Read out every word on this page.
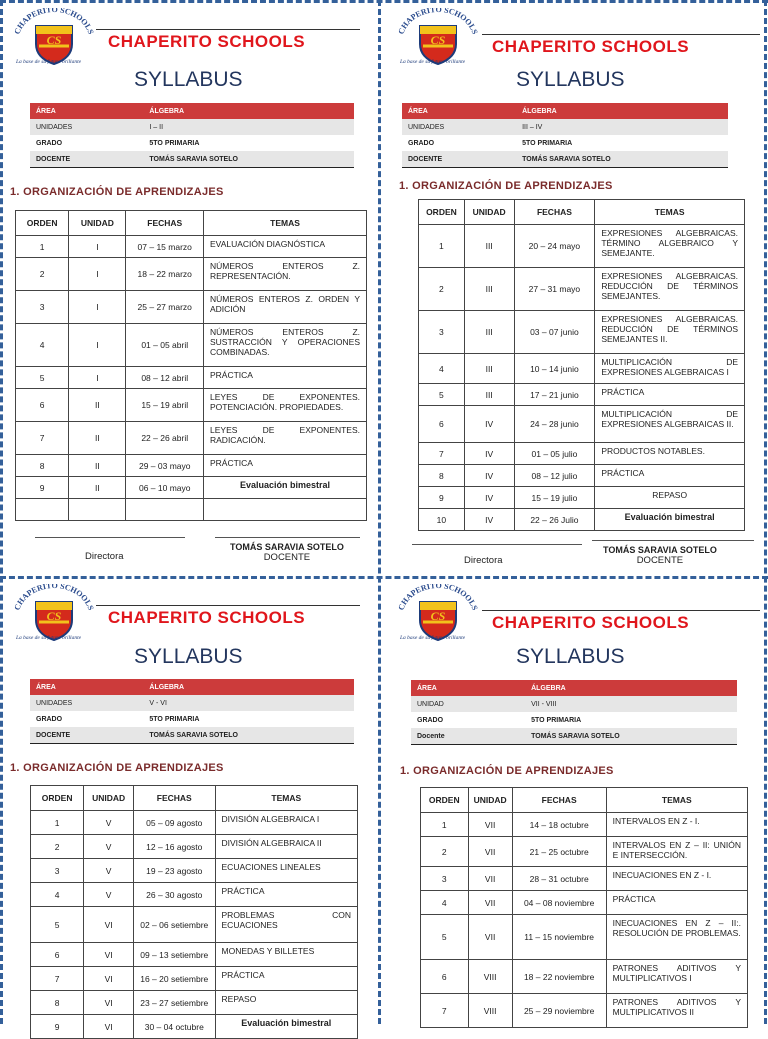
CHAPERITO SCHOOLS
CS
La base de su futuro brillante
CHAPERITO SCHOOLS
SYLLABUS
ÁREA	ÁLGEBRA
UNIDADES	I – II
GRADO	5TO PRIMARIA
DOCENTE	TOMÁS SARAVIA SOTELO
1. ORGANIZACIÓN DE APRENDIZAJES
ORDEN	UNIDAD	FECHAS	TEMAS
1	I	07 – 15 marzo	EVALUACIÓN DIAGNÓSTICA
2	I	18 – 22 marzo	NÚMEROS ENTEROS Z. REPRESENTACIÓN.
3	I	25 – 27 marzo	NÚMEROS ENTEROS Z. ORDEN Y ADICIÓN
4	I	01 – 05 abril	NÚMEROS ENTEROS Z. SUSTRACCIÓN Y OPERACIONES COMBINADAS.
5	I	08 – 12 abril	PRÁCTICA
6	II	15 – 19 abril	LEYES DE EXPONENTES. POTENCIACIÓN. PROPIEDADES.
7	II	22 – 26 abril	LEYES DE EXPONENTES. RADICACIÓN.
8	II	29 – 03 mayo	PRÁCTICA
9	II	06 – 10 mayo	Evaluación bimestral

Directora
TOMÁS SARAVIA SOTELO
DOCENTE
CHAPERITO SCHOOLS
CS
La base de su futuro brillante
CHAPERITO SCHOOLS
SYLLABUS
ÁREA	ÁLGEBRA
UNIDADES	III – IV
GRADO	5TO PRIMARIA
DOCENTE	TOMÁS SARAVIA SOTELO
1. ORGANIZACIÓN DE APRENDIZAJES
ORDEN	UNIDAD	FECHAS	TEMAS
1	III	20 – 24 mayo	EXPRESIONES ALGEBRAICAS. TÉRMINO ALGEBRAICO Y SEMEJANTE.
2	III	27 – 31 mayo	EXPRESIONES ALGEBRAICAS. REDUCCIÓN DE TÉRMINOS SEMEJANTES.
3	III	03 – 07 junio	EXPRESIONES ALGEBRAICAS. REDUCCIÓN DE TÉRMINOS SEMEJANTES II.
4	III	10 – 14 junio	MULTIPLICACIÓN DE EXPRESIONES ALGEBRAICAS I
5	III	17 – 21 junio	PRÁCTICA
6	IV	24 – 28 junio	MULTIPLICACIÓN DE EXPRESIONES ALGEBRAICAS II.
7	IV	01 – 05 julio	PRODUCTOS NOTABLES.
8	IV	08 – 12 julio	PRÁCTICA
9	IV	15 – 19 julio	REPASO
10	IV	22 – 26 Julio	Evaluación bimestral
Directora
TOMÁS SARAVIA SOTELO
DOCENTE
CHAPERITO SCHOOLS
CS
La base de su futuro brillante
CHAPERITO SCHOOLS
SYLLABUS
ÁREA	ÁLGEBRA
UNIDADES	V - VI
GRADO	5TO PRIMARIA
DOCENTE	TOMÁS SARAVIA SOTELO
1. ORGANIZACIÓN DE APRENDIZAJES
ORDEN	UNIDAD	FECHAS	TEMAS
1	V	05 – 09 agosto	DIVISIÓN ALGEBRAICA I
2	V	12 – 16 agosto	DIVISIÓN ALGEBRAICA II
3	V	19 – 23 agosto	ECUACIONES LINEALES
4	V	26 – 30 agosto	PRÁCTICA
5	VI	02 – 06 setiembre	PROBLEMAS CON ECUACIONES
6	VI	09 – 13 setiembre	MONEDAS Y BILLETES
7	VI	16 – 20 setiembre	PRÁCTICA
8	VI	23 – 27 setiembre	REPASO
9	VI	30 – 04 octubre	Evaluación bimestral
CHAPERITO SCHOOLS
CS
La base de su futuro brillante
CHAPERITO SCHOOLS
SYLLABUS
ÁREA	ÁLGEBRA
UNIDAD	VII - VIII
GRADO	5TO PRIMARIA
Docente	TOMÁS SARAVIA SOTELO
1. ORGANIZACIÓN DE APRENDIZAJES
ORDEN	UNIDAD	FECHAS	TEMAS
1	VII	14 – 18 octubre	INTERVALOS EN Z - I.
2	VII	21 – 25 octubre	INTERVALOS EN Z – II: UNIÓN E INTERSECCIÓN.
3	VII	28 – 31 octubre	INECUACIONES EN Z - I.
4	VII	04 – 08 noviembre	PRÁCTICA
5	VII	11 – 15 noviembre	INECUACIONES EN Z – II:. RESOLUCIÓN DE PROBLEMAS.
6	VIII	18 – 22 noviembre	PATRONES ADITIVOS Y MULTIPLICATIVOS I
7	VIII	25 – 29 noviembre	PATRONES ADITIVOS Y MULTIPLICATIVOS II
